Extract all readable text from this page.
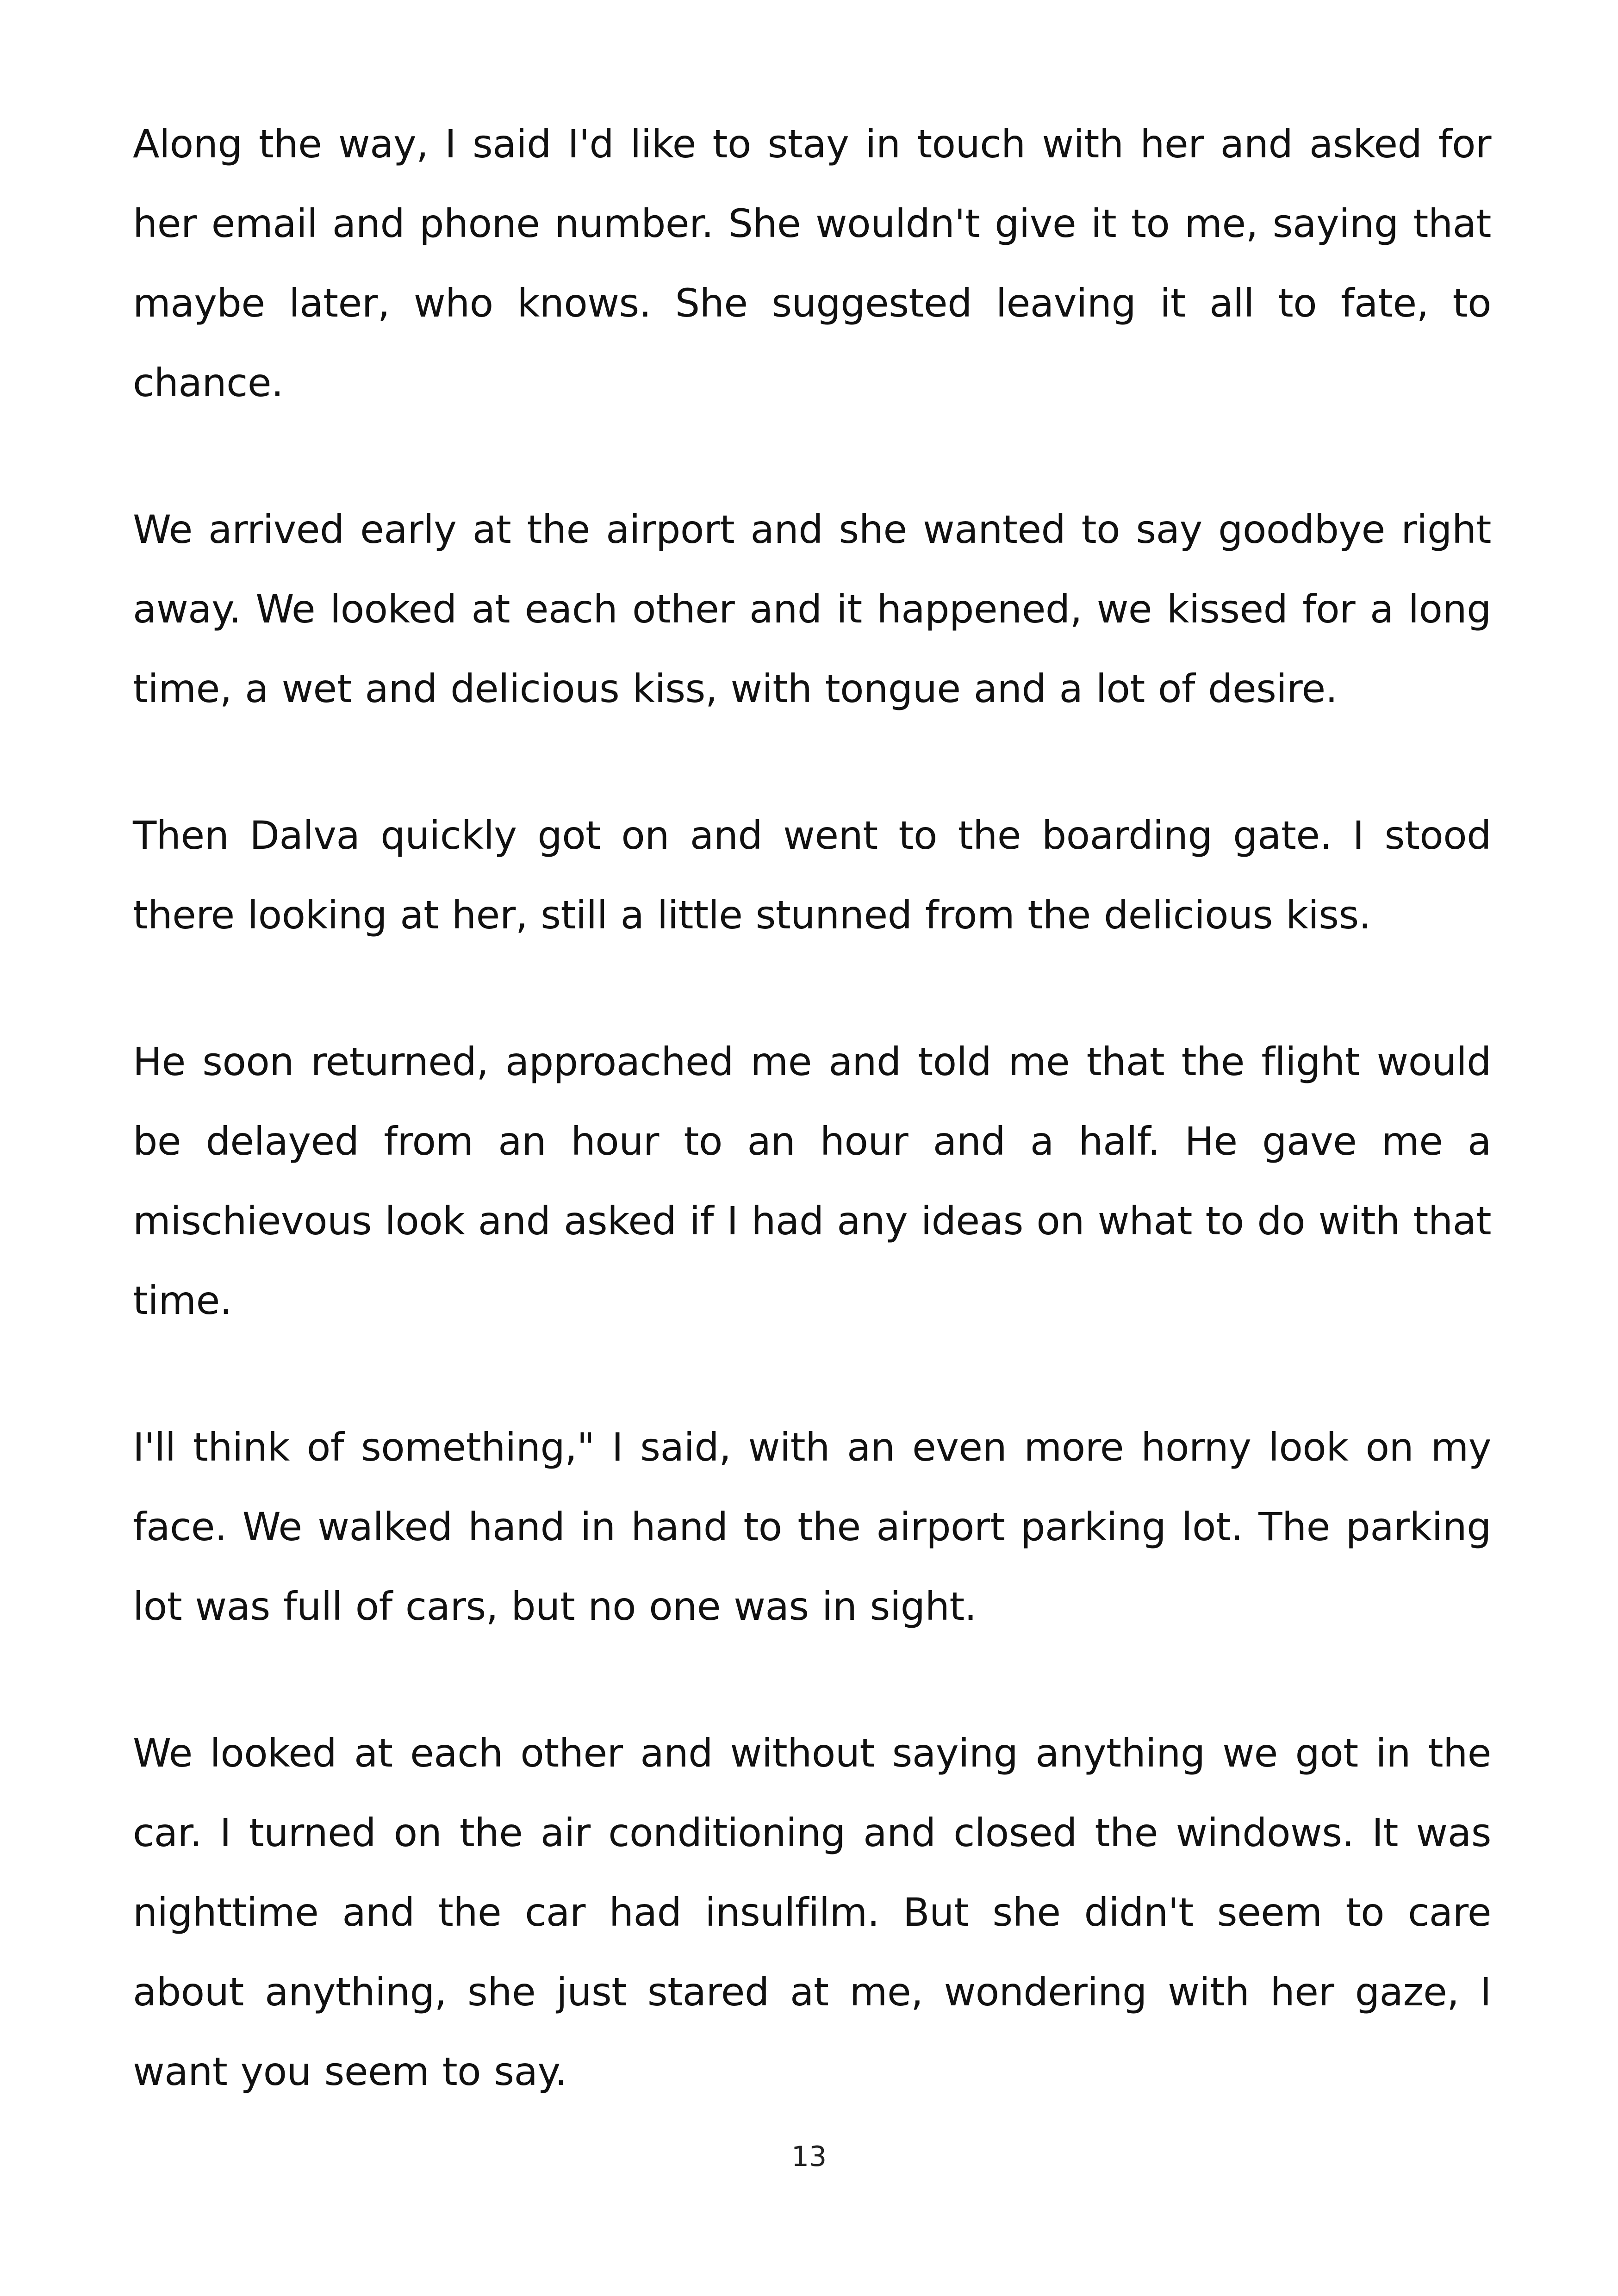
Along the way, I said I'd like to stay in touch with her and asked for her email and phone number. She wouldn't give it to me, saying that maybe later, who knows. She suggested leaving it all to fate, to chance.

We arrived early at the airport and she wanted to say goodbye right away. We looked at each other and it happened, we kissed for a long time, a wet and delicious kiss, with tongue and a lot of desire.

Then Dalva quickly got on and went to the boarding gate. I stood there looking at her, still a little stunned from the delicious kiss.

He soon returned, approached me and told me that the flight would be delayed from an hour to an hour and a half. He gave me a mischievous look and asked if I had any ideas on what to do with that time.

I'll think of something," I said, with an even more horny look on my face. We walked hand in hand to the airport parking lot. The parking lot was full of cars, but no one was in sight.

We looked at each other and without saying anything we got in the car. I turned on the air conditioning and closed the windows. It was nighttime and the car had insulfilm. But she didn't seem to care about anything, she just stared at me, wondering with her gaze, I want you seem to say.

13
